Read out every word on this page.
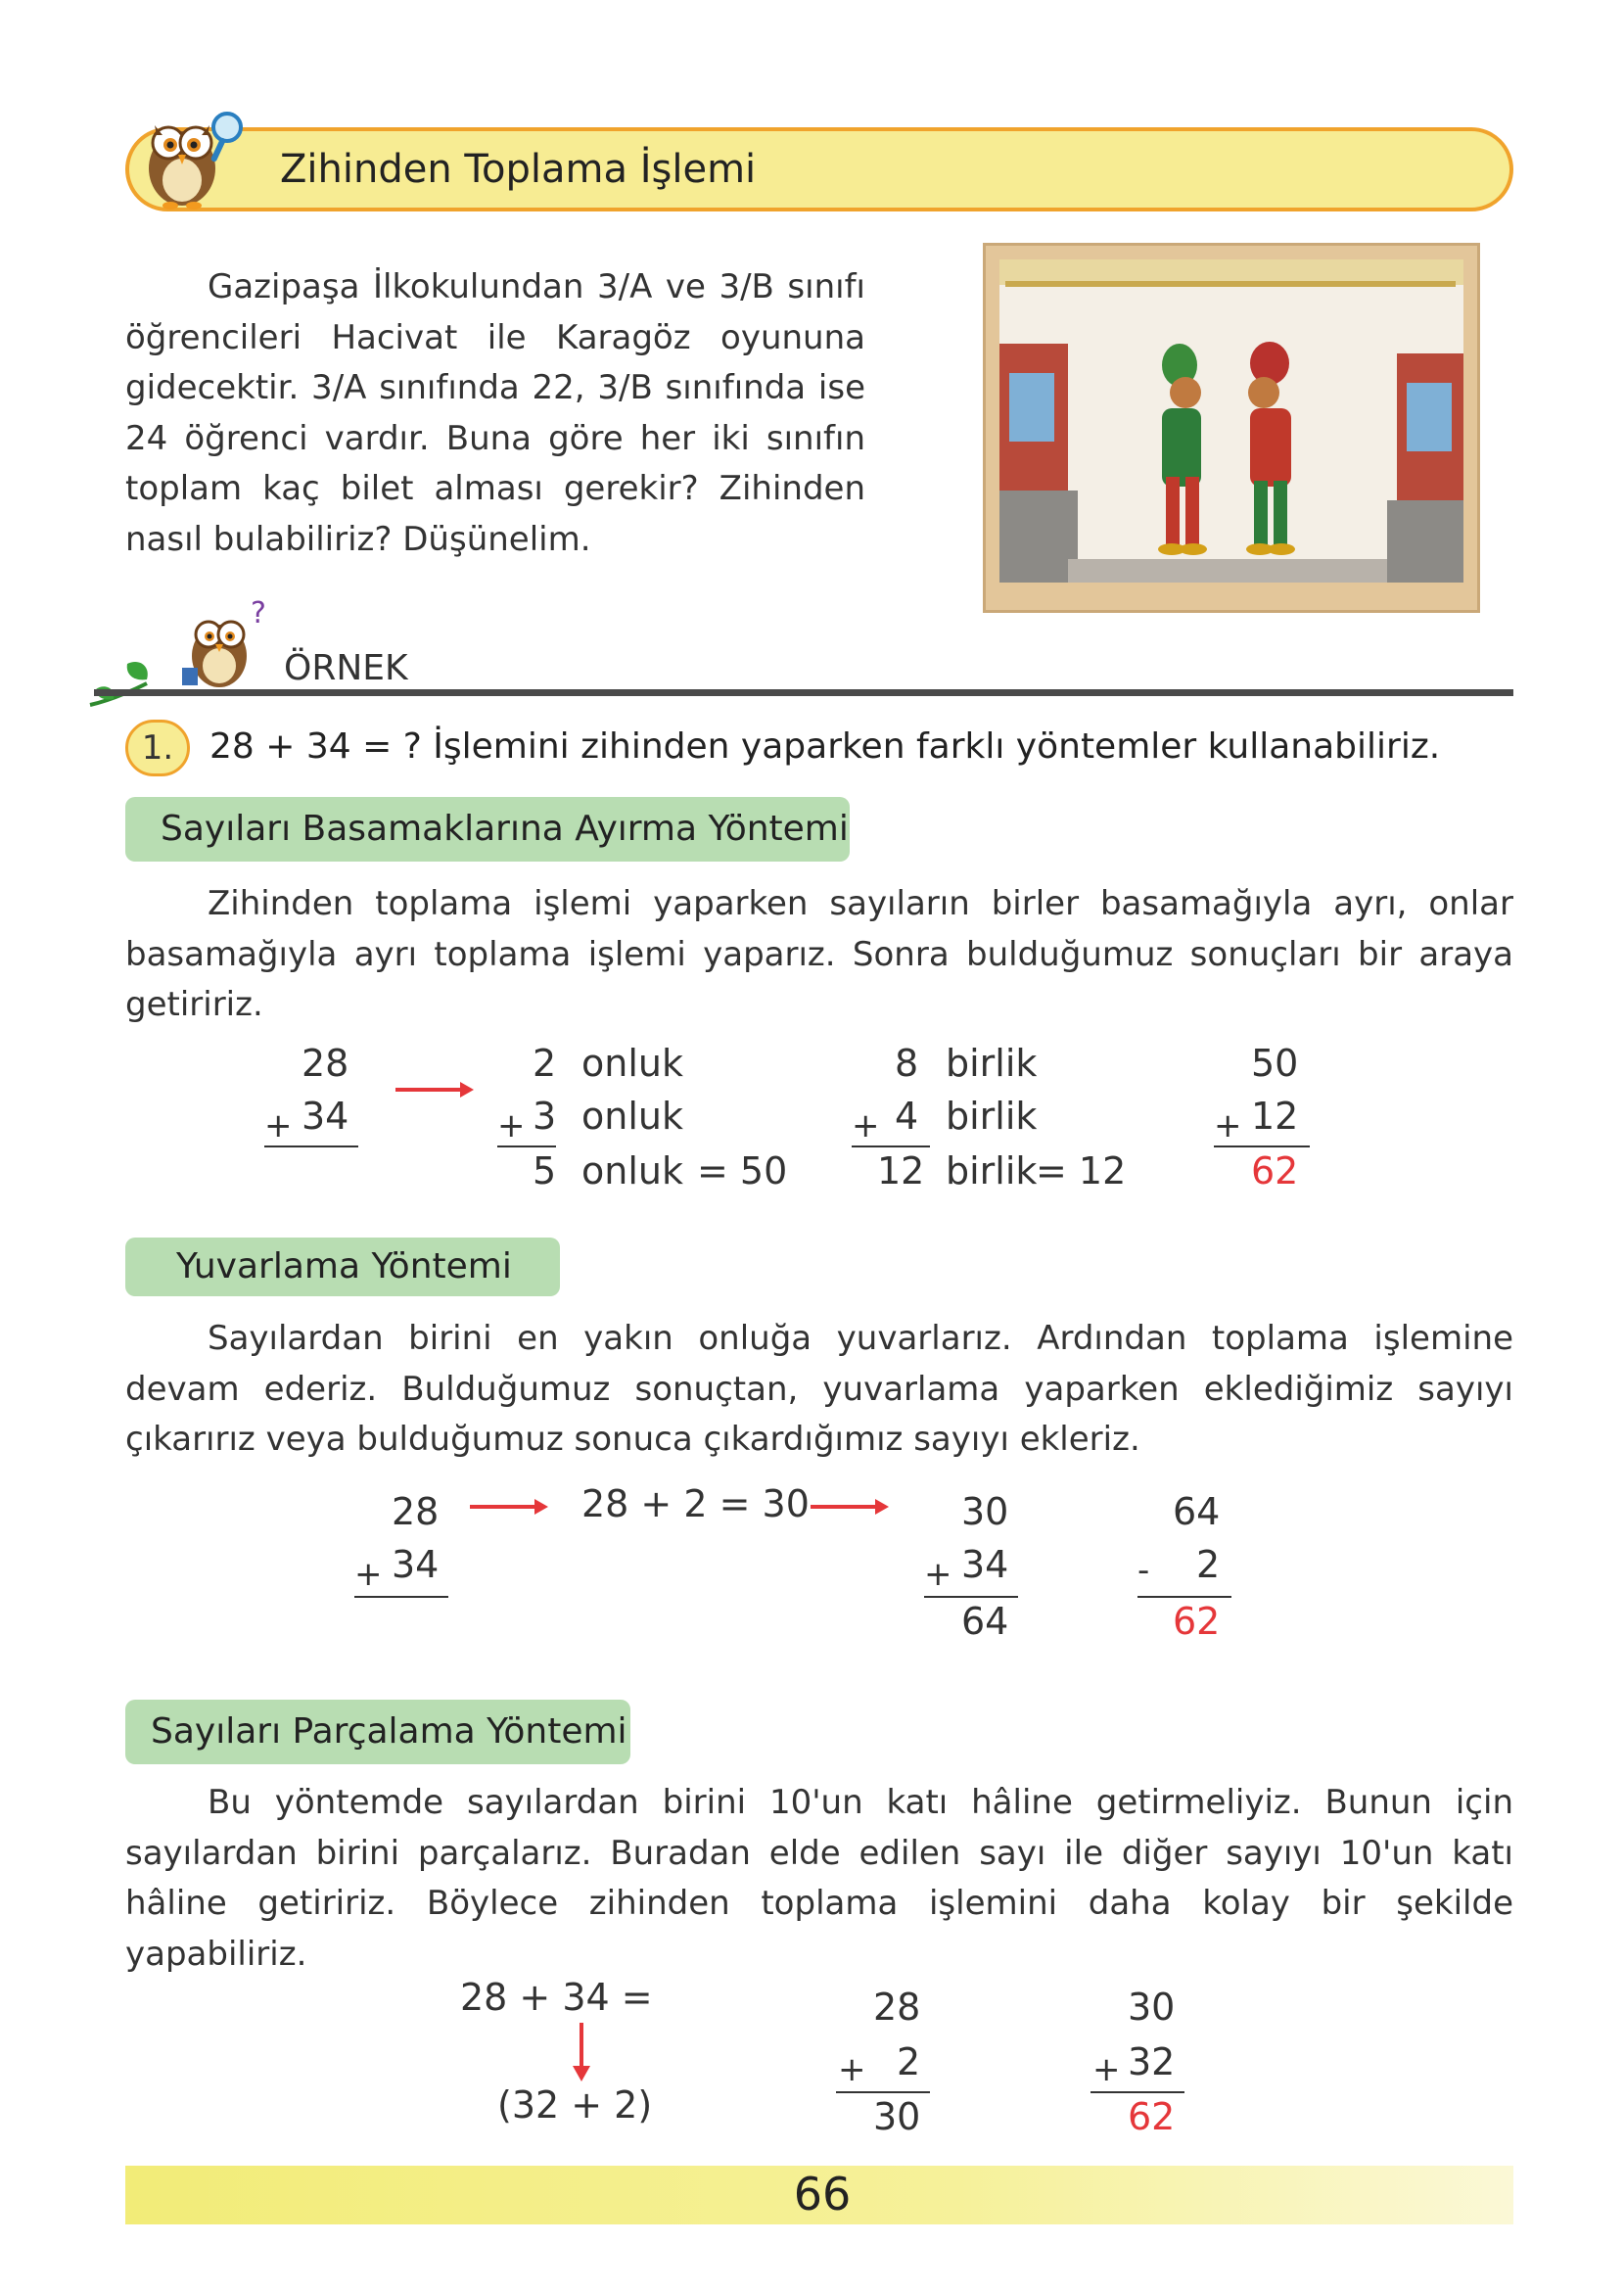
Zihinden Toplama İşlemi
Gazipaşa İlkokulundan 3/A ve 3/B sınıfı öğrencileri Hacivat ile Karagöz oyununa gidecektir. 3/A sınıfında 22, 3/B sınıfında ise 24 öğrenci vardır. Buna göre her iki sınıfın toplam kaç bilet alması gerekir? Zihinden nasıl bulabiliriz? Düşünelim.
?
ÖRNEK
1.	28 + 34 = ? İşlemini zihinden yaparken farklı yöntemler kullanabiliriz.
Sayıları Basamaklarına Ayırma Yöntemi
Zihinden toplama işlemi yaparken sayıların birler basamağıyla ayrı, onlar basamağıyla ayrı toplama işlemi yaparız. Sonra bulduğumuz sonuçları bir araya getiririz.
28
+ 34
2 onluk
+ 3 onluk
5 onluk = 50
8 birlik
+ 4 birlik
12 birlik
= 12
50
+ 12
62
Yuvarlama Yöntemi
Sayılardan birini en yakın onluğa yuvarlarız. Ardından toplama işlemine devam ederiz. Bulduğumuz sonuçtan, yuvarlama yaparken eklediğimiz sayıyı çıkarırız veya bulduğumuz sonuca çıkardığımız sayıyı ekleriz.
28
+ 34
28 + 2 = 30	30
+ 34
64
64
- 2
62
Sayıları Parçalama Yöntemi
Bu yöntemde sayılardan birini 10'un katı hâline getirmeliyiz. Bunun için sayılardan birini parçalarız. Buradan elde edilen sayı ile diğer sayıyı 10'un katı hâline getiririz. Böylece zihinden toplama işlemini daha kolay bir şekilde yapabiliriz.
28 + 34 =
(32 + 2)
28
+ 2
30
30
+ 32
62
66
